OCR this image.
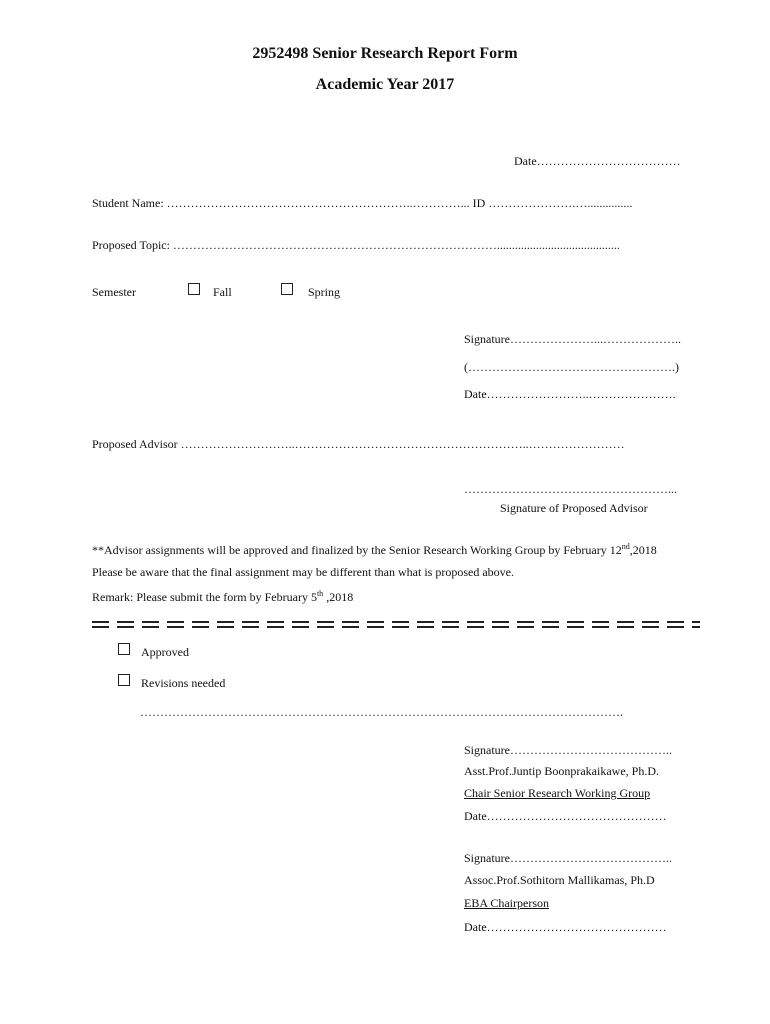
2952498 Senior Research Report Form
Academic Year 2017
Date………………………………
Student Name: ……………………………………………………..…………... ID ………………….…...............
Proposed Topic: ……………………………………………………………………….........................................
Semester	Fall	Spring
Signature…………………...………………..
(…………………………………………….)
Date……………………..………………….
Proposed Advisor ………………………..…………………………………………………..……………………
……………………………………………...
Signature of Proposed Advisor
**Advisor assignments will be approved and finalized by the Senior Research Working Group by February 12nd,2018
Please be aware that the final assignment may be different than what is proposed above.
Remark: Please submit the form by February 5th ,2018
Approved
Revisions needed
………………………………………………………………………………………………………….
Signature…………………………………..
Asst.Prof.Juntip Boonprakaikawe, Ph.D.
Chair Senior Research Working Group
Date………………………………………
Signature…………………………………..
Assoc.Prof.Sothitorn Mallikamas, Ph.D
EBA Chairperson
Date………………………………………
